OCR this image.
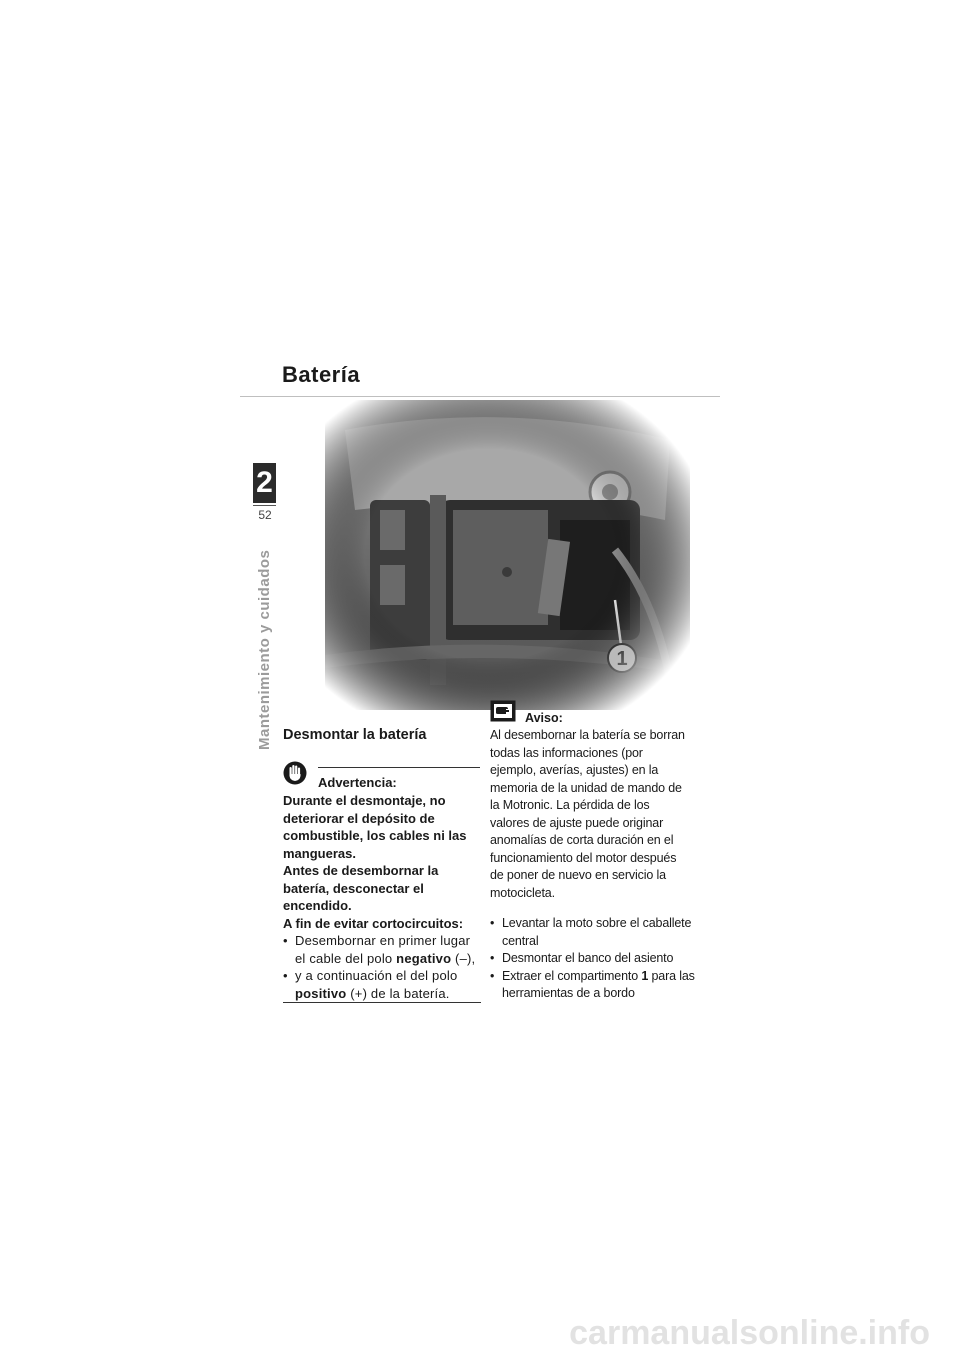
Batería
2
52
Mantenimiento y cuidados Desmontar la batería
Advertencia:

Durante el desmontaje, no deteriorar el depósito de combustible, los cables ni las mangueras.

Antes de desembornar la batería, desconectar el encendido.

A fin de evitar cortocircuitos:

• Desembornar en primer lugar el cable del polo negativo (–),
• y a continuación el del polo positivo (+) de la batería.
Aviso:
Al desembornar la batería se borran todas las informaciones (por ejemplo, averías, ajustes) en la memoria de la unidad de mando de la Motronic. La pérdida de los valores de ajuste puede originar anomalías de corta duración en el funcionamiento del motor después de poner de nuevo en servicio la motocicleta.
• Levantar la moto sobre el caballete central
• Desmontar el banco del asiento
• Extraer el compartimento 1 para las herramientas de a bordo
carmanualsonline.info
